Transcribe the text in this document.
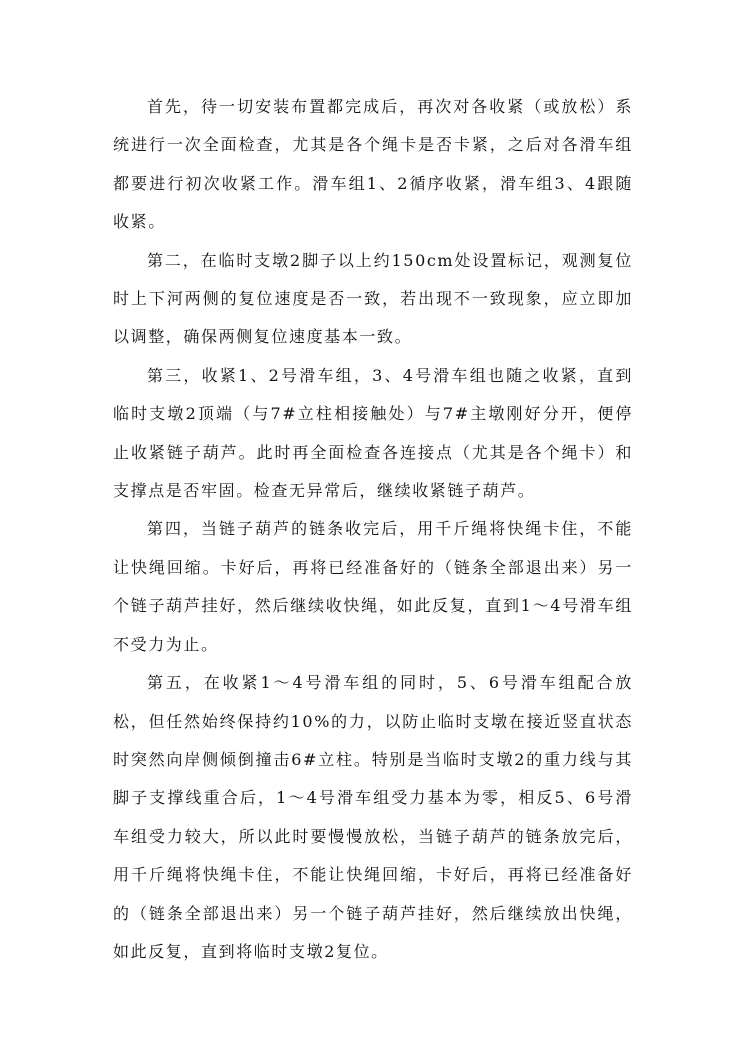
首先，待一切安装布置都完成后，再次对各收紧（或放松）系统进行一次全面检查，尤其是各个绳卡是否卡紧，之后对各滑车组都要进行初次收紧工作。滑车组1、2循序收紧，滑车组3、4跟随收紧。

第二，在临时支墩2脚子以上约150cm处设置标记，观测复位时上下河两侧的复位速度是否一致，若出现不一致现象，应立即加以调整，确保两侧复位速度基本一致。

第三，收紧1、2号滑车组，3、4号滑车组也随之收紧，直到临时支墩2顶端（与7#立柱相接触处）与7#主墩刚好分开，便停止收紧链子葫芦。此时再全面检查各连接点（尤其是各个绳卡）和支撑点是否牢固。检查无异常后，继续收紧链子葫芦。

第四，当链子葫芦的链条收完后，用千斤绳将快绳卡住，不能让快绳回缩。卡好后，再将已经准备好的（链条全部退出来）另一个链子葫芦挂好，然后继续收快绳，如此反复，直到1～4号滑车组不受力为止。

第五，在收紧1～4号滑车组的同时，5、6号滑车组配合放松，但任然始终保持约10%的力，以防止临时支墩在接近竖直状态时突然向岸侧倾倒撞击6#立柱。特别是当临时支墩2的重力线与其脚子支撑线重合后，1～4号滑车组受力基本为零，相反5、6号滑车组受力较大，所以此时要慢慢放松，当链子葫芦的链条放完后，用千斤绳将快绳卡住，不能让快绳回缩，卡好后，再将已经准备好的（链条全部退出来）另一个链子葫芦挂好，然后继续放出快绳，如此反复，直到将临时支墩2复位。
